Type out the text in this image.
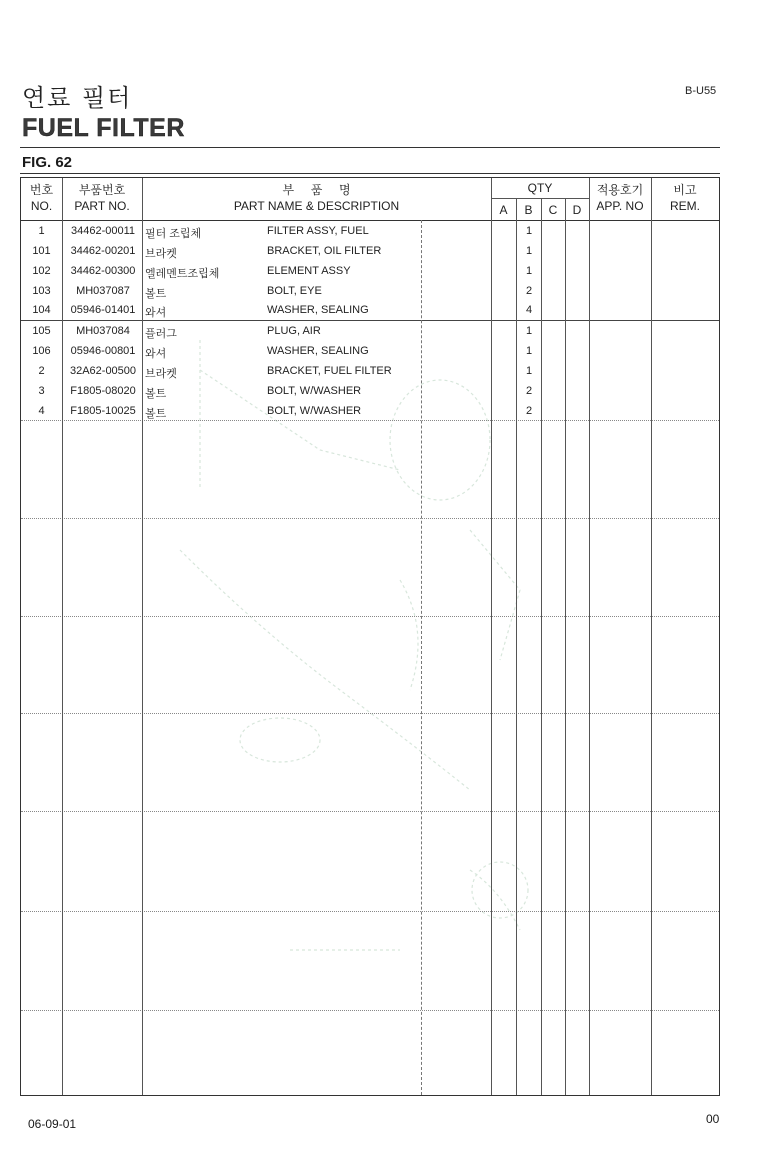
연료 필터	B-U55
FUEL FILTER
FIG. 62
번호
NO.
부품번호
PART NO.
부     품     명
PART NAME & DESCRIPTION
QTY
A	B	C	D
적용호기
APP. NO
비고
REM.
1	34462-00011 필터 조립체	FILTER ASSY, FUEL	1
101	34462-00201 브라켓	BRACKET, OIL FILTER	1
102	34462-00300 엘레멘트조립체	ELEMENT ASSY	1
103	MH037087	볼트	BOLT, EYE	2
104	05946-01401 와셔	WASHER, SEALING	4
105	MH037084	플러그	PLUG, AIR	1
106	05946-00801 와셔	WASHER, SEALING	1
2	32A62-00500 브라켓	BRACKET, FUEL FILTER	1
3	F1805-08020 볼트	BOLT, W/WASHER	2
4	F1805-10025 볼트	BOLT, W/WASHER	2
06-09-01	00
